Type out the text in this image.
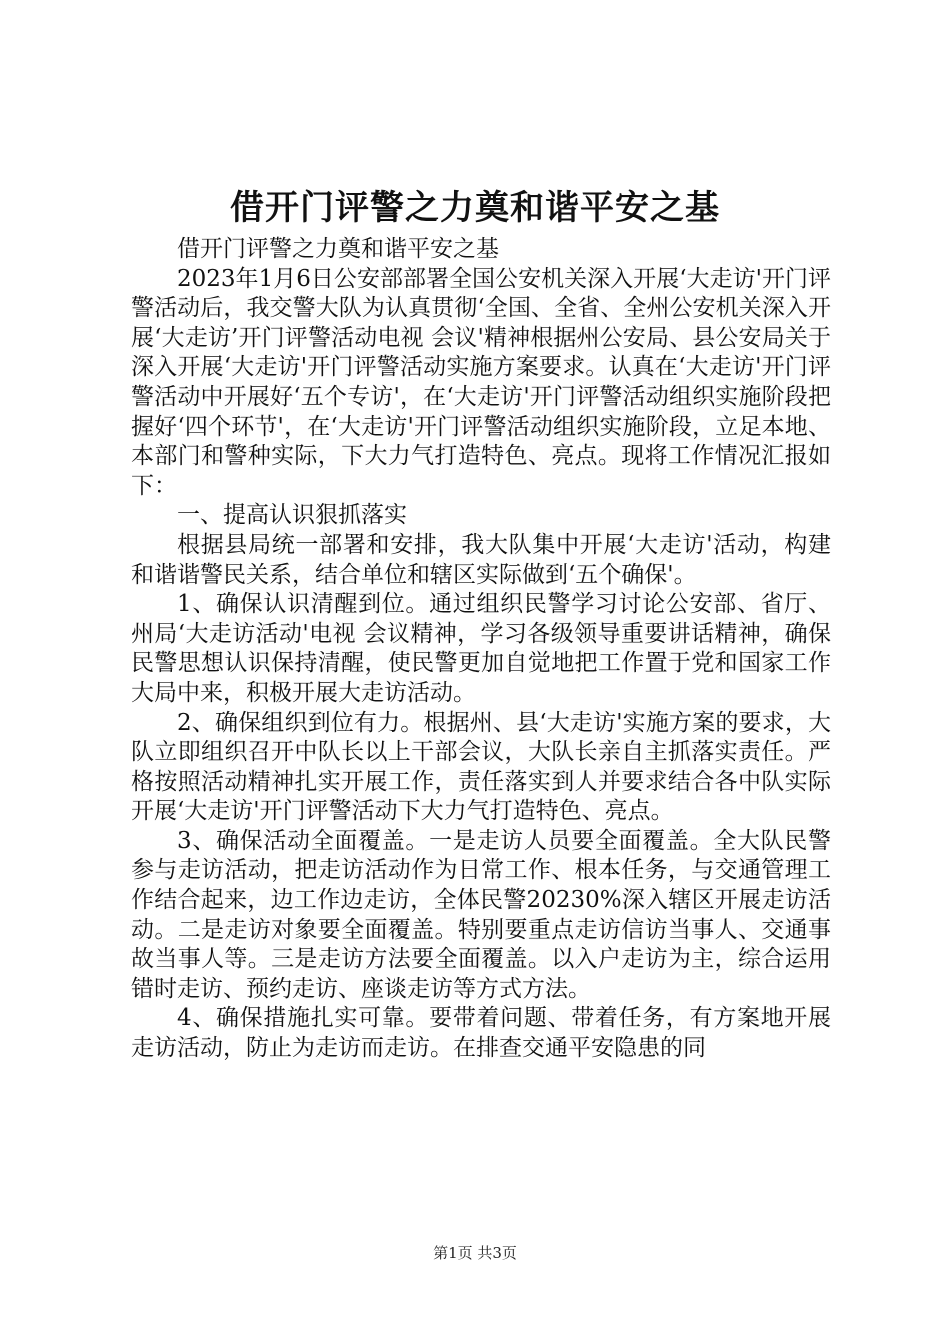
借开门评警之力奠和谐平安之基

借开门评警之力奠和谐平安之基

2023年1月6日公安部部署全国公安机关深入开展‘大走访'开门评警活动后，我交警大队为认真贯彻‘全国、全省、全州公安机关深入开展‘大走访’开门评警活动电视 会议'精神根据州公安局、县公安局关于深入开展‘大走访'开门评警活动实施方案要求。认真在‘大走访'开门评警活动中开展好‘五个专访'，在‘大走访'开门评警活动组织实施阶段把握好‘四个环节'，在‘大走访'开门评警活动组织实施阶段，立足本地、本部门和警种实际，下大力气打造特色、亮点。现将工作情况汇报如下：

一、提高认识狠抓落实

根据县局统一部署和安排，我大队集中开展‘大走访'活动，构建和谐谐警民关系，结合单位和辖区实际做到‘五个确保'。

1、确保认识清醒到位。通过组织民警学习讨论公安部、省厅、州局‘大走访活动'电视 会议精神，学习各级领导重要讲话精神，确保民警思想认识保持清醒，使民警更加自觉地把工作置于党和国家工作大局中来，积极开展大走访活动。

2、确保组织到位有力。根据州、县‘大走访'实施方案的要求，大队立即组织召开中队长以上干部会议，大队长亲自主抓落实责任。严格按照活动精神扎实开展工作，责任落实到人并要求结合各中队实际开展‘大走访'开门评警活动下大力气打造特色、亮点。

3、确保活动全面覆盖。一是走访人员要全面覆盖。全大队民警参与走访活动，把走访活动作为日常工作、根本任务，与交通管理工作结合起来，边工作边走访，全体民警20230%深入辖区开展走访活动。二是走访对象要全面覆盖。特别要重点走访信访当事人、交通事故当事人等。三是走访方法要全面覆盖。以入户走访为主，综合运用错时走访、预约走访、座谈走访等方式方法。

4、确保措施扎实可靠。要带着问题、带着任务，有方案地开展走访活动，防止为走访而走访。在排查交通平安隐患的同

第1页 共3页
